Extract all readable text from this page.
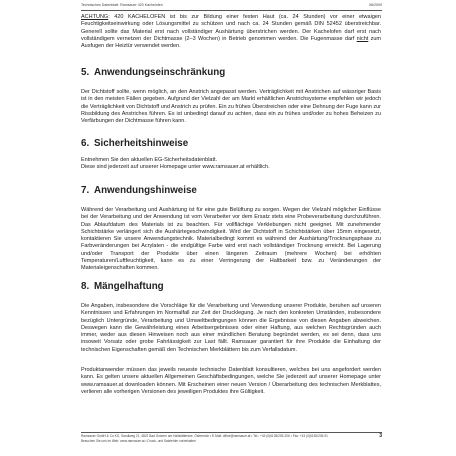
Technisches Datenblatt: Ramsauer 420 Kachelofen	06/2009

ACHTUNG: 420 KACHELOFEN ist bis zur Bildung einer festen Haut (ca. 24 Stunden) vor einer etwaigen Feuchtigkeitseinwirkung oder Lösungsmittel zu schützen und nach ca. 24 Stunden gemäß DIN 52452 überstreichbar. Generell sollte das Material erst nach vollständiger Aushärtung überstrichen werden. Der Kachelofen darf erst nach vollständigem vernetzen der Dichtmasse (2–3 Wochen) in Betrieb genommen werden. Die Fugenmasse darf nicht zum Ausfugen der Heiztür verwendet werden.

5. Anwendungseinschränkung

Der Dichtstoff sollte, wenn möglich, an den Anstrich angepasst werden. Verträglichkeit mit Anstrichen auf wässriger Basis ist in den meisten Fällen gegeben. Aufgrund der Vielzahl der am Markt erhältlichen Anstrichsysteme empfehlen wir jedoch die Verträglichkeit von Dichtstoff und Anstrich zu prüfen. Ein zu frühes Überstreichen oder eine Dehnung der Fuge kann zur Rissbildung des Anstriches führen. Es ist unbedingt darauf zu achten, dass ein zu frühes und/oder zu hohes Beheizen zu Verfärbungen der Dichtmasse führen kann.

6. Sicherheitshinweise

Entnehmen Sie den aktuellen EG-Sicherheitsdatenblatt.

Diese sind jederzeit auf unserer Homepage unter www.ramsauer.at erhältlich.

7. Anwendungshinweise

Während der Verarbeitung und Aushärtung ist für eine gute Belüftung zu sorgen. Wegen der Vielzahl möglicher Einflüsse bei der Verarbeitung und der Anwendung ist vom Verarbeiter vor dem Ersatz stets eine Probeverarbeitung durchzuführen. Das Ablaufdatum des Materials ist zu beachten. Für vollflächige Verklebungen nicht geeignet. Mit zunehmender Schichtstärke verlängert sich die Aushärtegeschwindigkeit. Wird der Dichtstoff in Schichtstärken über 15mm eingesetzt, kontaktieren Sie unsere Anwendungstechnik. Materialbedingt kommt es während der Aushärtung/Trocknungsphase zu Farbveränderungen bei Acrylaten - die endgültige Farbe wird erst nach vollständiger Trocknung erreicht. Bei Lagerung und/oder Transport der Produkte über einen längeren Zeitraum (mehrere Wochen) bei erhöhten Temperaturen/Luftfeuchtigkeit, kann es zu einer Verringerung der Haltbarkeit bzw. zu Veränderungen der Materialeigenschaften kommen.

8. Mängelhaftung

Die Angaben, insbesondere die Vorschläge für die Verarbeitung und Verwendung unserer Produkte, beruhen auf unseren Kenntnissen und Erfahrungen im Normalfall zur Zeit der Drucklegung. Je nach den konkreten Umständen, insbesondere bezüglich Untergründe, Verarbeitung und Umweltbedingungen können die Ergebnisse von diesen Angaben abweichen. Deswegen kann die Gewährleistung eines Arbeitsergebnisses oder einer Haftung, aus welchen Rechtsgründen auch immer, weder aus diesen Hinweisen noch aus einer mündlichen Beratung begründet werden, es sei denn, dass uns insoweit Vorsatz oder grobe Fahrlässigkeit zur Last fällt. Ramsauer garantiert für ihre Produkte die Einhaltung der technischen Eigenschaften gemäß den Technischen Merkblättern bis zum Verfallsdatum.

Produktanwender müssen das jeweils neueste technische Datenblatt konsultieren, welches bei uns angefordert werden kann. Es gelten unsere aktuellen Allgemeinen Geschäftsbedingungen, welche Sie jederzeit auf unserer Homepage unter www.ramsauer.at downloaden können. Mit Erscheinen einer neuen Version / Überarbeitung des technischen Merkblattes, verlieren alle vorherigen Versionen des jeweiligen Produktes ihre Gültigkeit.

Ramsauer GmbH & Co KG, Sandlweg 21, 4822 Bad Goisern am Hallstättersee, Österreich • E-Mail: office@ramsauer.at • Tel.: +43 (0)6135/205-206 • Fax: +43 (0)6135/205-91
Besuchen Sie uns im Web: www.ramsauer.at • Druck- und Satzfehler vorbehalten
3
